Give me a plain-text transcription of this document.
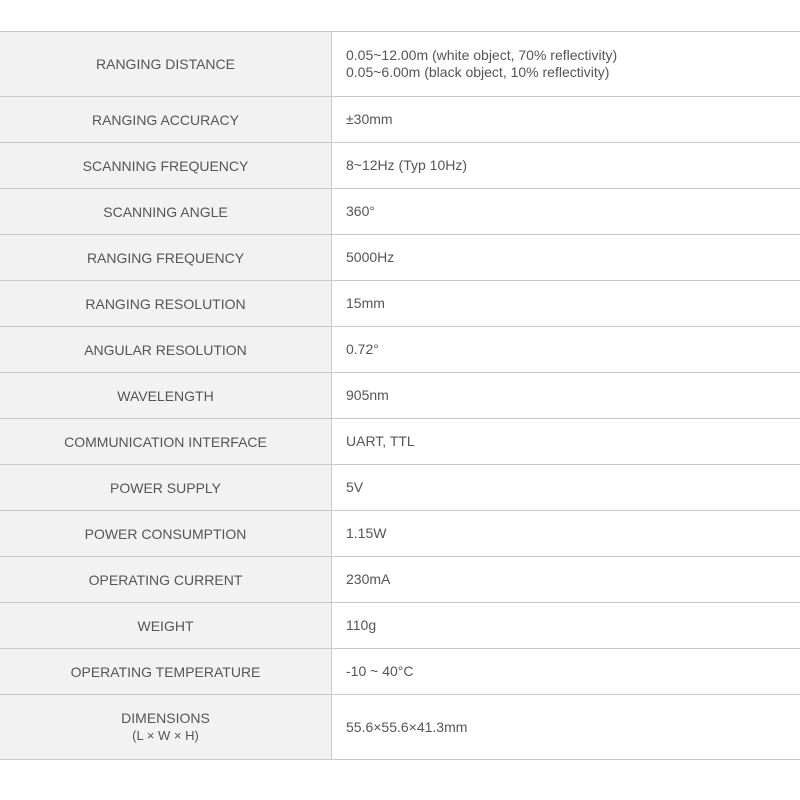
RANGING DISTANCE	0.05~12.00m (white object, 70% reflectivity)
0.05~6.00m (black object, 10% reflectivity)

RANGING ACCURACY	±30mm
SCANNING FREQUENCY	8~12Hz (Typ 10Hz)
SCANNING ANGLE	360°
RANGING FREQUENCY	5000Hz
RANGING RESOLUTION	15mm
ANGULAR RESOLUTION	0.72°
WAVELENGTH	905nm
COMMUNICATION INTERFACE	UART, TTL
POWER SUPPLY	5V
POWER CONSUMPTION	1.15W
OPERATING CURRENT	230mA
WEIGHT	110g
OPERATING TEMPERATURE	-10 ~ 40°C

DIMENSIONS
(L × W × H)	55.6×55.6×41.3mm
